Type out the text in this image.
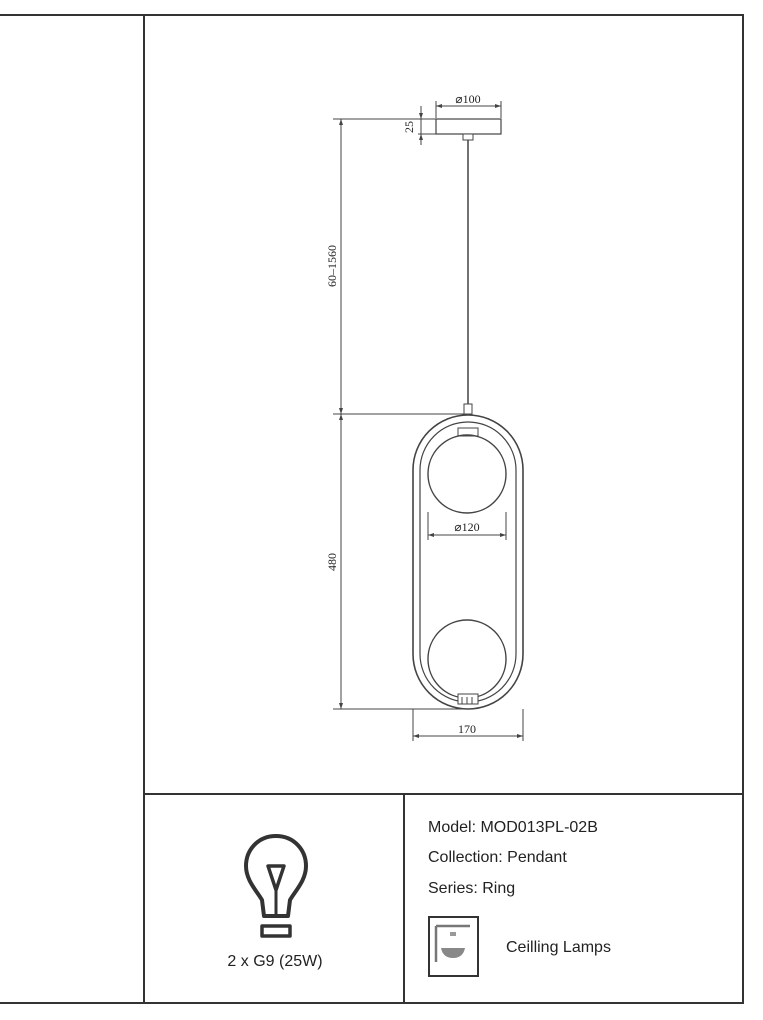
⌀100
25
60–1560
480
⌀120
170
2 x G9 (25W)
Model: MOD013PL-02B
Collection: Pendant
Series: Ring
Ceilling Lamps
